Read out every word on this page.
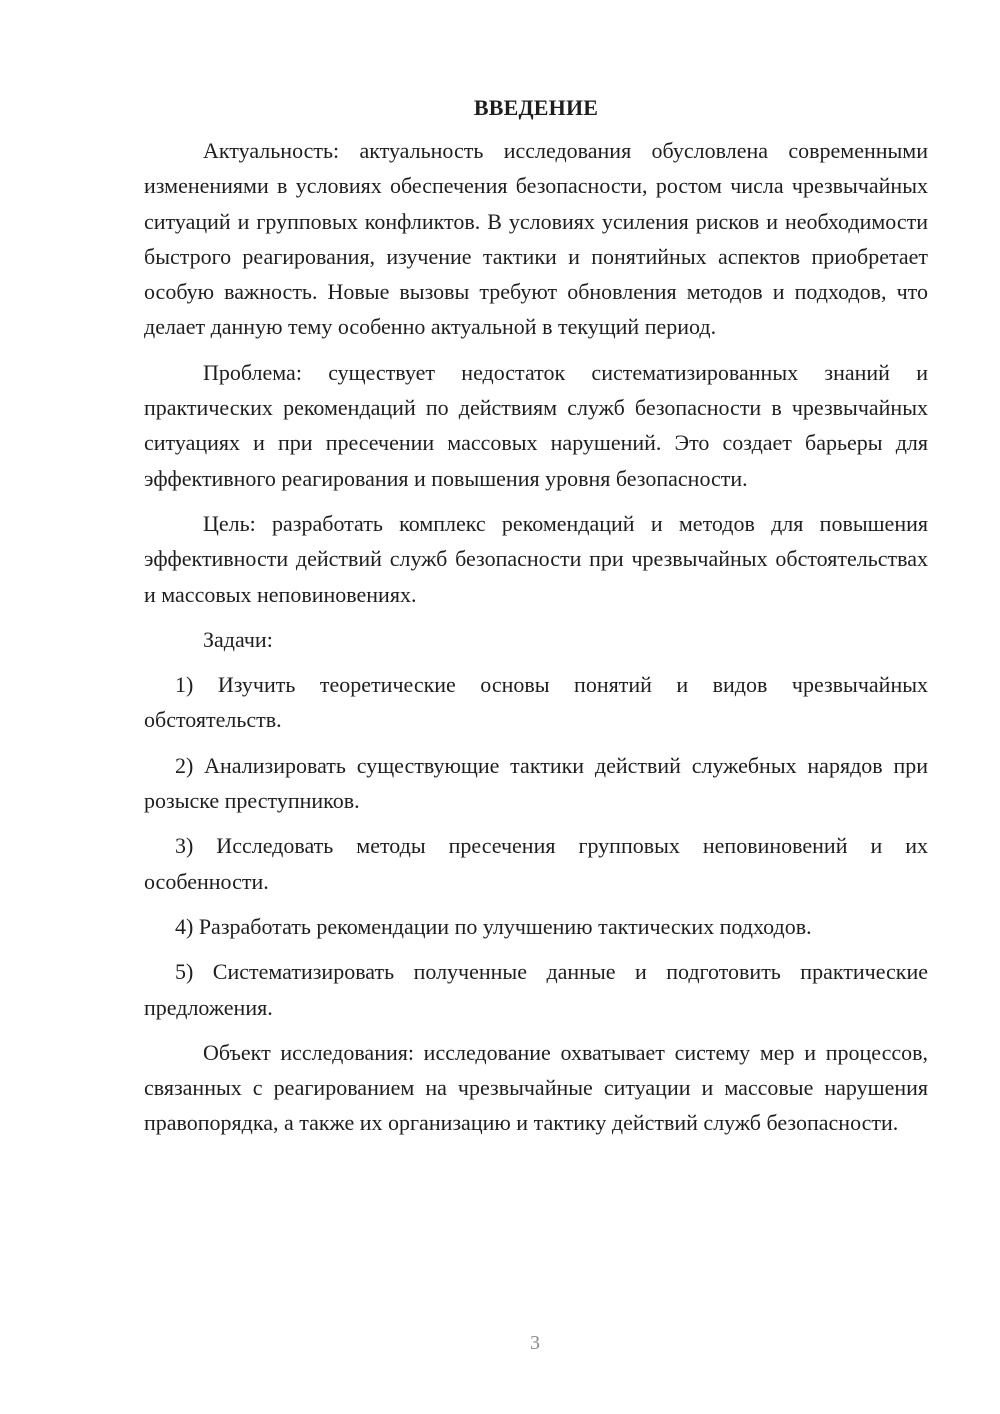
ВВЕДЕНИЕ

Актуальность: актуальность исследования обусловлена современными изменениями в условиях обеспечения безопасности, ростом числа чрезвычайных ситуаций и групповых конфликтов. В условиях усиления рисков и необходимости быстрого реагирования, изучение тактики и понятийных аспектов приобретает особую важность. Новые вызовы требуют обновления методов и подходов, что делает данную тему особенно актуальной в текущий период.

Проблема: существует недостаток систематизированных знаний и практических рекомендаций по действиям служб безопасности в чрезвычайных ситуациях и при пресечении массовых нарушений. Это создает барьеры для эффективного реагирования и повышения уровня безопасности.

Цель: разработать комплекс рекомендаций и методов для повышения эффективности действий служб безопасности при чрезвычайных обстоятельствах и массовых неповиновениях.

Задачи:

1) Изучить теоретические основы понятий и видов чрезвычайных обстоятельств.

2) Анализировать существующие тактики действий служебных нарядов при розыске преступников.

3) Исследовать методы пресечения групповых неповиновений и их особенности.

4) Разработать рекомендации по улучшению тактических подходов.

5) Систематизировать полученные данные и подготовить практические предложения.

Объект исследования: исследование охватывает систему мер и процессов, связанных с реагированием на чрезвычайные ситуации и массовые нарушения правопорядка, а также их организацию и тактику действий служб безопасности.

3
